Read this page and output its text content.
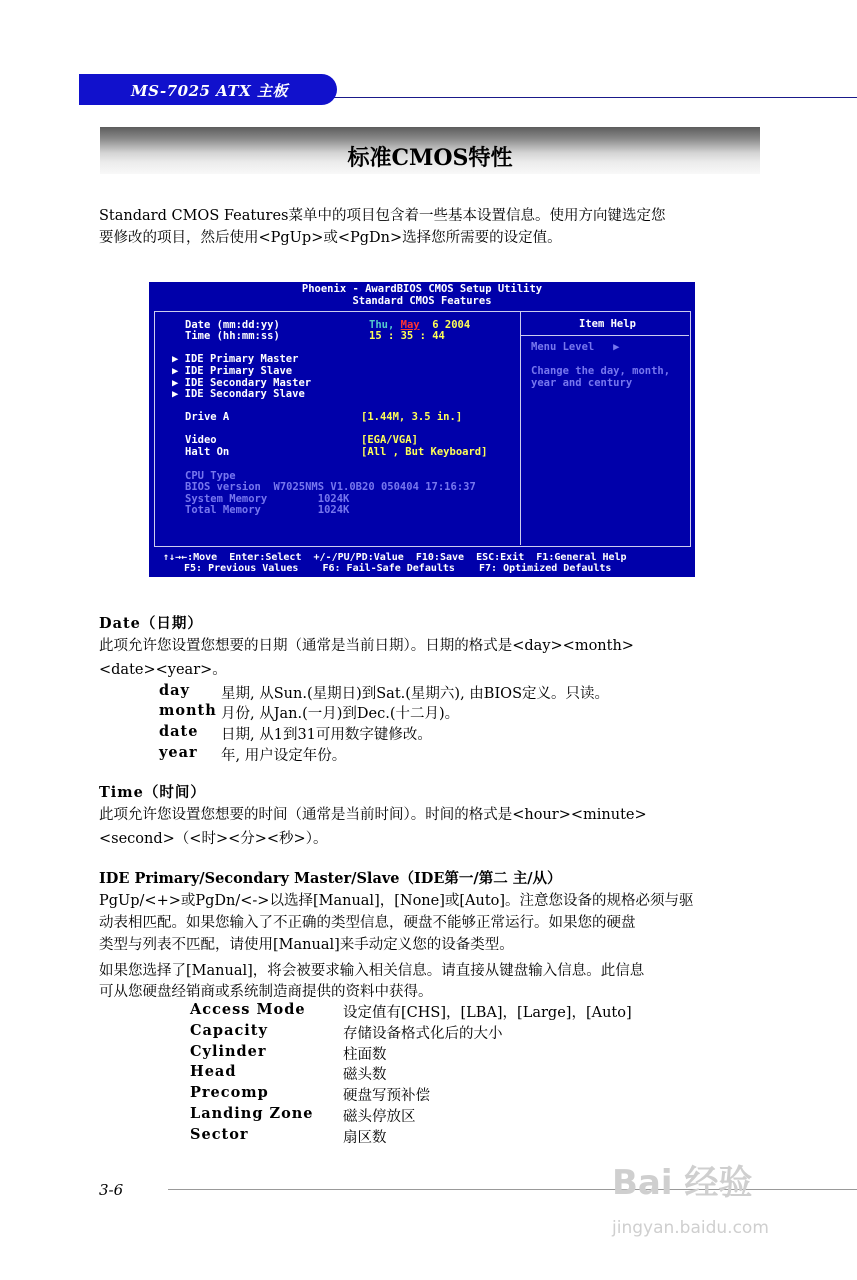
MS-7025 ATX 主板
标准CMOS特性
Standard CMOS Features菜单中的项目包含着一些基本设置信息。使用方向键选定您
要修改的项目，然后使用<PgUp>或<PgDn>选择您所需要的设定值。
Phoenix - AwardBIOS CMOS Setup Utility
Standard CMOS Features
Date (mm:dd:yy)	Thu, May 6 2004
Time (hh:mm:ss)	15 : 35 : 44
▶ IDE Primary Master
▶ IDE Primary Slave
▶ IDE Secondary Master
▶ IDE Secondary Slave
Drive A	[1.44M, 3.5 in.]
Video	[EGA/VGA]
Halt On	[All , But Keyboard]
CPU Type
BIOS version  W7025NMS V1.0B20 050404 17:16:37
System Memory        1024K
Total Memory         1024K
Item Help
Menu Level   ▶
Change the day, month,
year and century
↑↓→←:Move  Enter:Select  +/-/PU/PD:Value  F10:Save  ESC:Exit  F1:General Help
F5: Previous Values    F6: Fail-Safe Defaults    F7: Optimized Defaults
Date（日期）
此项允许您设置您想要的日期（通常是当前日期）。日期的格式是<day><month>
<date><year>。
day 星期, 从Sun.(星期日)到Sat.(星期六), 由BIOS定义。只读。
month 月份, 从Jan.(一月)到Dec.(十二月)。
date 日期, 从1到31可用数字键修改。
year 年, 用户设定年份。
Time（时间）
此项允许您设置您想要的时间（通常是当前时间）。时间的格式是<hour><minute>
<second>（<时><分><秒>）。
IDE Primary/Secondary Master/Slave（IDE第一/第二 主/从）
PgUp/<+>或PgDn/<->以选择[Manual]，[None]或[Auto]。注意您设备的规格必须与驱
动表相匹配。如果您输入了不正确的类型信息，硬盘不能够正常运行。如果您的硬盘
类型与列表不匹配，请使用[Manual]来手动定义您的设备类型。
如果您选择了[Manual]，将会被要求输入相关信息。请直接从键盘输入信息。此信息
可从您硬盘经销商或系统制造商提供的资料中获得。
Access Mode	设定值有[CHS]，[LBA]，[Large]，[Auto]
Capacity	存储设备格式化后的大小
Cylinder	柱面数
Head	磁头数
Precomp	硬盘写预补偿
Landing Zone 磁头停放区
Sector	扇区数
3-6	Bai 经验
jingyan.baidu.com
